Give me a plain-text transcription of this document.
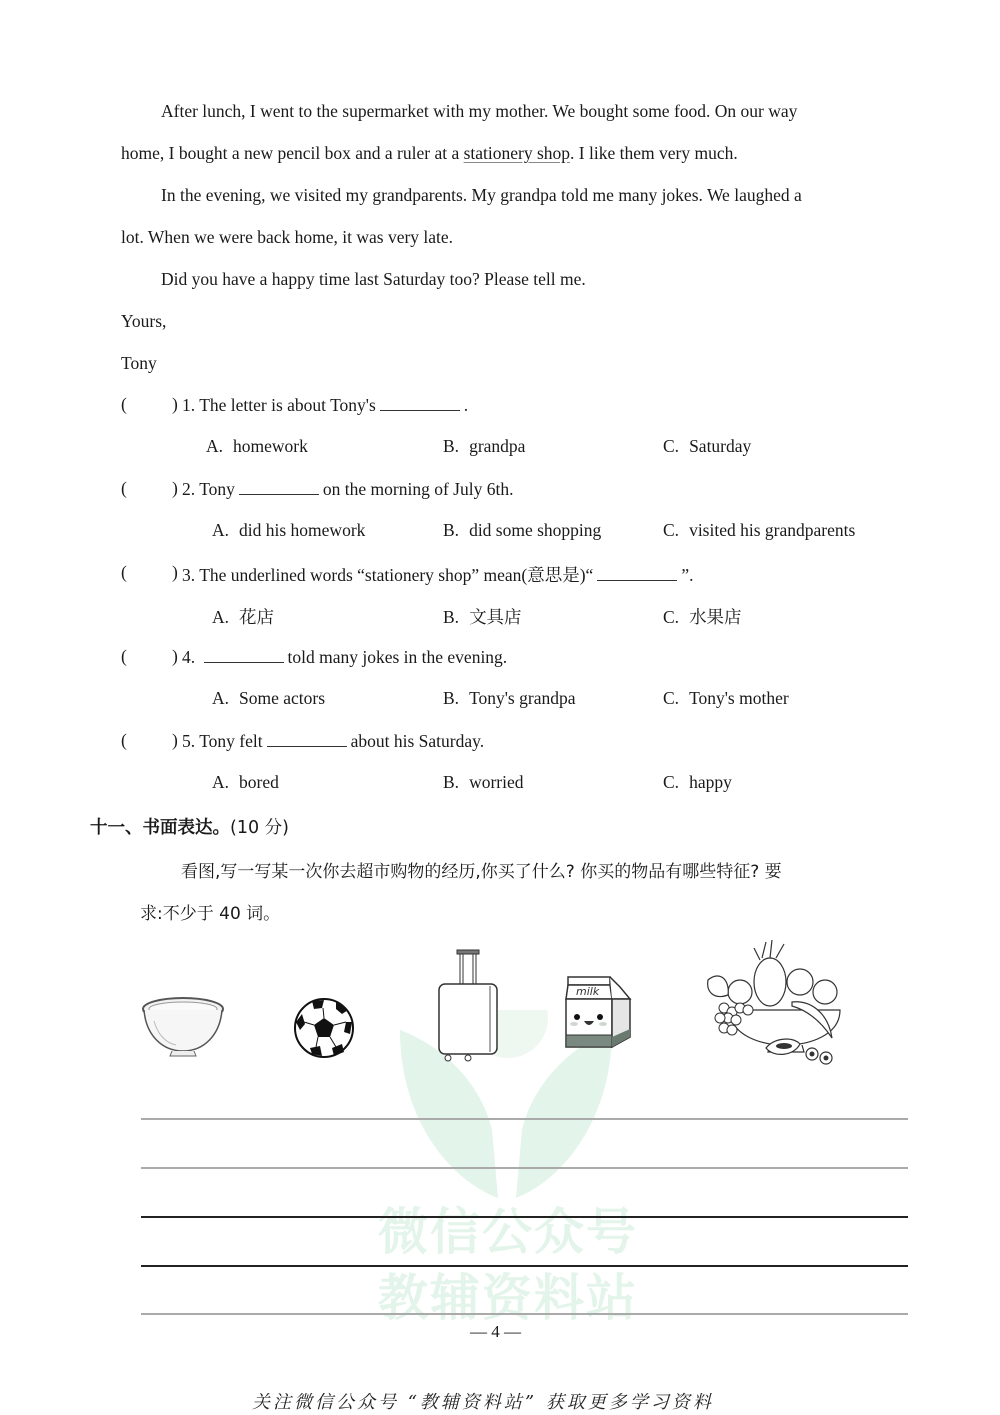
微信公众号
教辅资料站
After lunch, I went to the supermarket with my mother. We bought some food. On our way
home, I bought a new pencil box and a ruler at a stationery shop. I like them very much.
In the evening, we visited my grandparents. My grandpa told me many jokes. We laughed a
lot. When we were back home, it was very late.
Did you have a happy time last Saturday too? Please tell me.
Yours,
Tony
(	) 1. The letter is about Tony's	.
A. homework	B. grandpa	C. Saturday
(	) 2. Tony	on the morning of July 6th.
A. did his homework	B. did some shopping	C. visited his grandparents
(	) 3. The underlined words “stationery shop” mean(意思是)“	”.
A. 花店	B. 文具店	C. 水果店
(	) 4.	told many jokes in the evening.
A. Some actors	B. Tony's grandpa	C. Tony's mother
(	) 5. Tony felt	about his Saturday.
A. bored	B. worried	C. happy
十一、书面表达。(10 分)
看图,写一写某一次你去超市购物的经历,你买了什么? 你买的物品有哪些特征? 要
求:不少于 40 词。
milk
— 4 —
关注微信公众号 “教辅资料站” 获取更多学习资料
